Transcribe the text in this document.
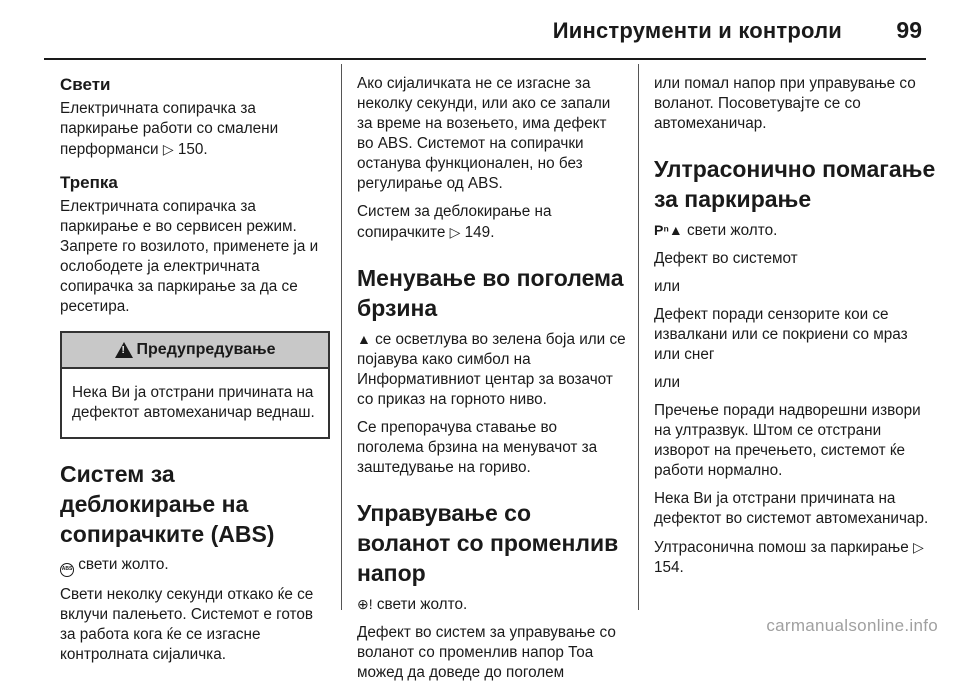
Иинструменти и контроли 99
Свети
Електричната сопирачка за паркирање работи со смалени перформанси ▷ 150.
Трепка
Електричната сопирачка за паркирање е во сервисен режим. Запрете го возилото, применете ја и ослободете ја електричната сопирачка за паркирање за да се ресетира.
!
Предупредување
Нека Ви ја отстрани причината на дефектот автомеханичар веднаш.
Систем за деблокирање на сопирачките (ABS)
ABS свети жолто.
Свети неколку секунди откако ќе се вклучи палењето. Системот е готов за работа кога ќе се изгасне контролната сијаличка.
Ако сијаличката не се изгасне за неколку секунди, или ако се запали за време на возењето, има дефект во ABS. Системот на сопирачки останува функционален, но без регулирање од ABS.
Систем за деблокирање на сопирачките ▷ 149.
Менување во поголема брзина
▲ се осветлува во зелена боја или се појавува како симбол на Информативниот центар за возачот со приказ на горното ниво.
Се препорачува ставање во поголема брзина на менувачот за заштедување на гориво.
Управување со воланот со променлив напор
⊕! свети жолто.
Дефект во систем за управување со воланот со променлив напор Тоа можед да доведе до поголем
или помал напор при управување со воланот. Посоветувајте се со автомеханичар.
Ултрасонично помагање за паркирање
Pⁿ▲ свети жолто.
Дефект во системот
или
Дефект поради сензорите кои се извалкани или се покриени со мраз или снег
или
Пречење поради надворешни извори на ултразвук. Штом се отстрани изворот на пречењето, системот ќе работи нормално.
Нека Ви ја отстрани причината на дефектот во систeмот автомеханичар.
Ултрасонична помош за паркирање ▷ 154.
carmanualsonline.info
